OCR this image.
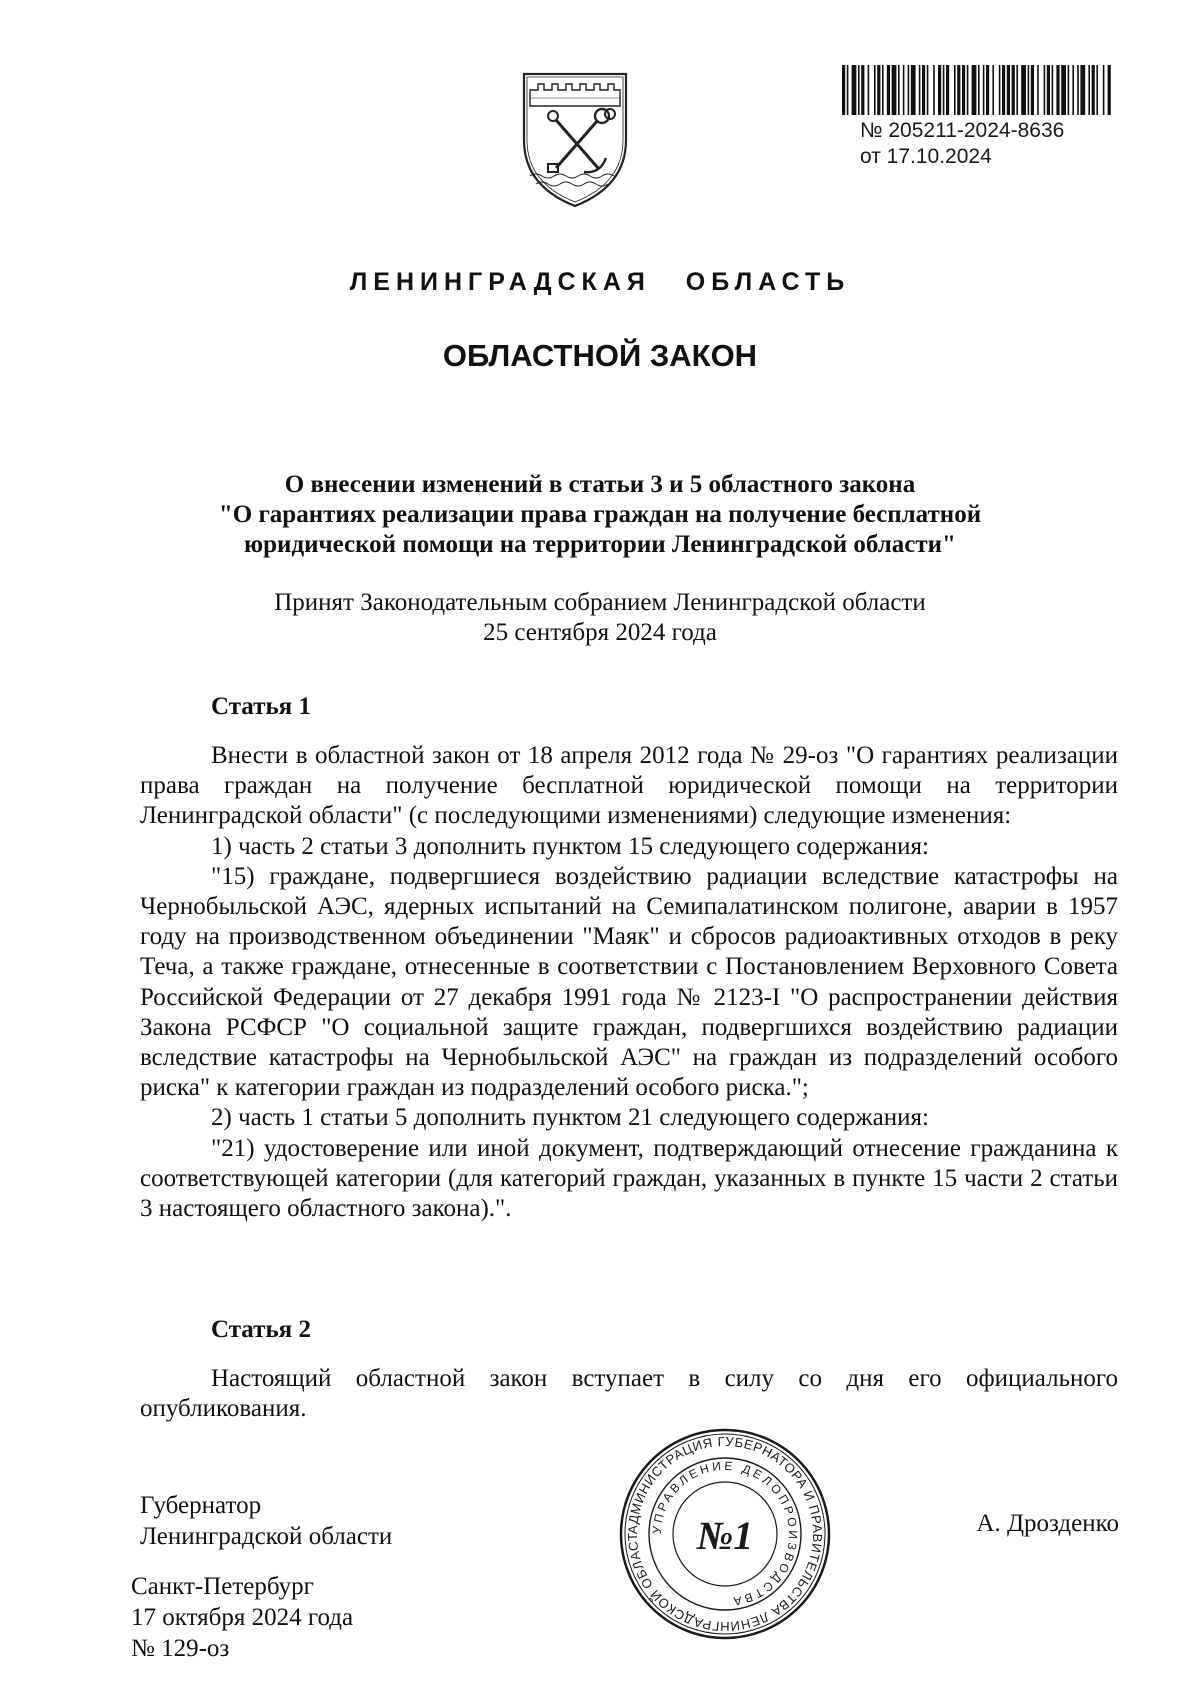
№ 205211-2024-8636
от 17.10.2024
ЛЕНИНГРАДСКАЯ ОБЛАСТЬ
ОБЛАСТНОЙ ЗАКОН
О внесении изменений в статьи 3 и 5 областного закона
"О гарантиях реализации права граждан на получение бесплатной
юридической помощи на территории Ленинградской области"
Принят Законодательным собранием Ленинградской области
25 сентября 2024 года
Статья 1

Внести в областной закон от 18 апреля 2012 года № 29-оз "О гарантиях реализации права граждан на получение бесплатной юридической помощи на территории Ленинградской области" (с последующими изменениями) следующие изменения:

1) часть 2 статьи 3 дополнить пунктом 15 следующего содержания:

"15) граждане, подвергшиеся воздействию радиации вследствие катастрофы на Чернобыльской АЭС, ядерных испытаний на Семипалатинском полигоне, аварии в 1957 году на производственном объединении "Маяк" и сбросов радиоактивных отходов в реку Теча, а также граждане, отнесенные в соответствии с Постановлением Верховного Совета Российской Федерации от 27 декабря 1991 года № 2123-I "О распространении действия Закона РСФСР "О социальной защите граждан, подвергшихся воздействию радиации вследствие катастрофы на Чернобыльской АЭС" на граждан из подразделений особого риска" к категории граждан из подразделений особого риска.";

2) часть 1 статьи 5 дополнить пунктом 21 следующего содержания:

"21) удостоверение или иной документ, подтверждающий отнесение гражданина к соответствующей категории (для категорий граждан, указанных в пункте 15 части 2 статьи 3 настоящего областного закона).".

Статья 2

Настоящий областной закон вступает в силу со дня его официального опубликования.

Губернатор
Ленинградской области	А. Дрозденко
АДМИНИСТРАЦИЯ ГУБЕРНАТОРА И ПРАВИТЕЛЬСТВА ЛЕНИНГРАДСКОЙ ОБЛАСТ
УПРАВЛЕНИЕ ДЕЛОПРОИЗВОДСТВА
№1
Санкт-Петербург
17 октября 2024 года
№ 129-оз
